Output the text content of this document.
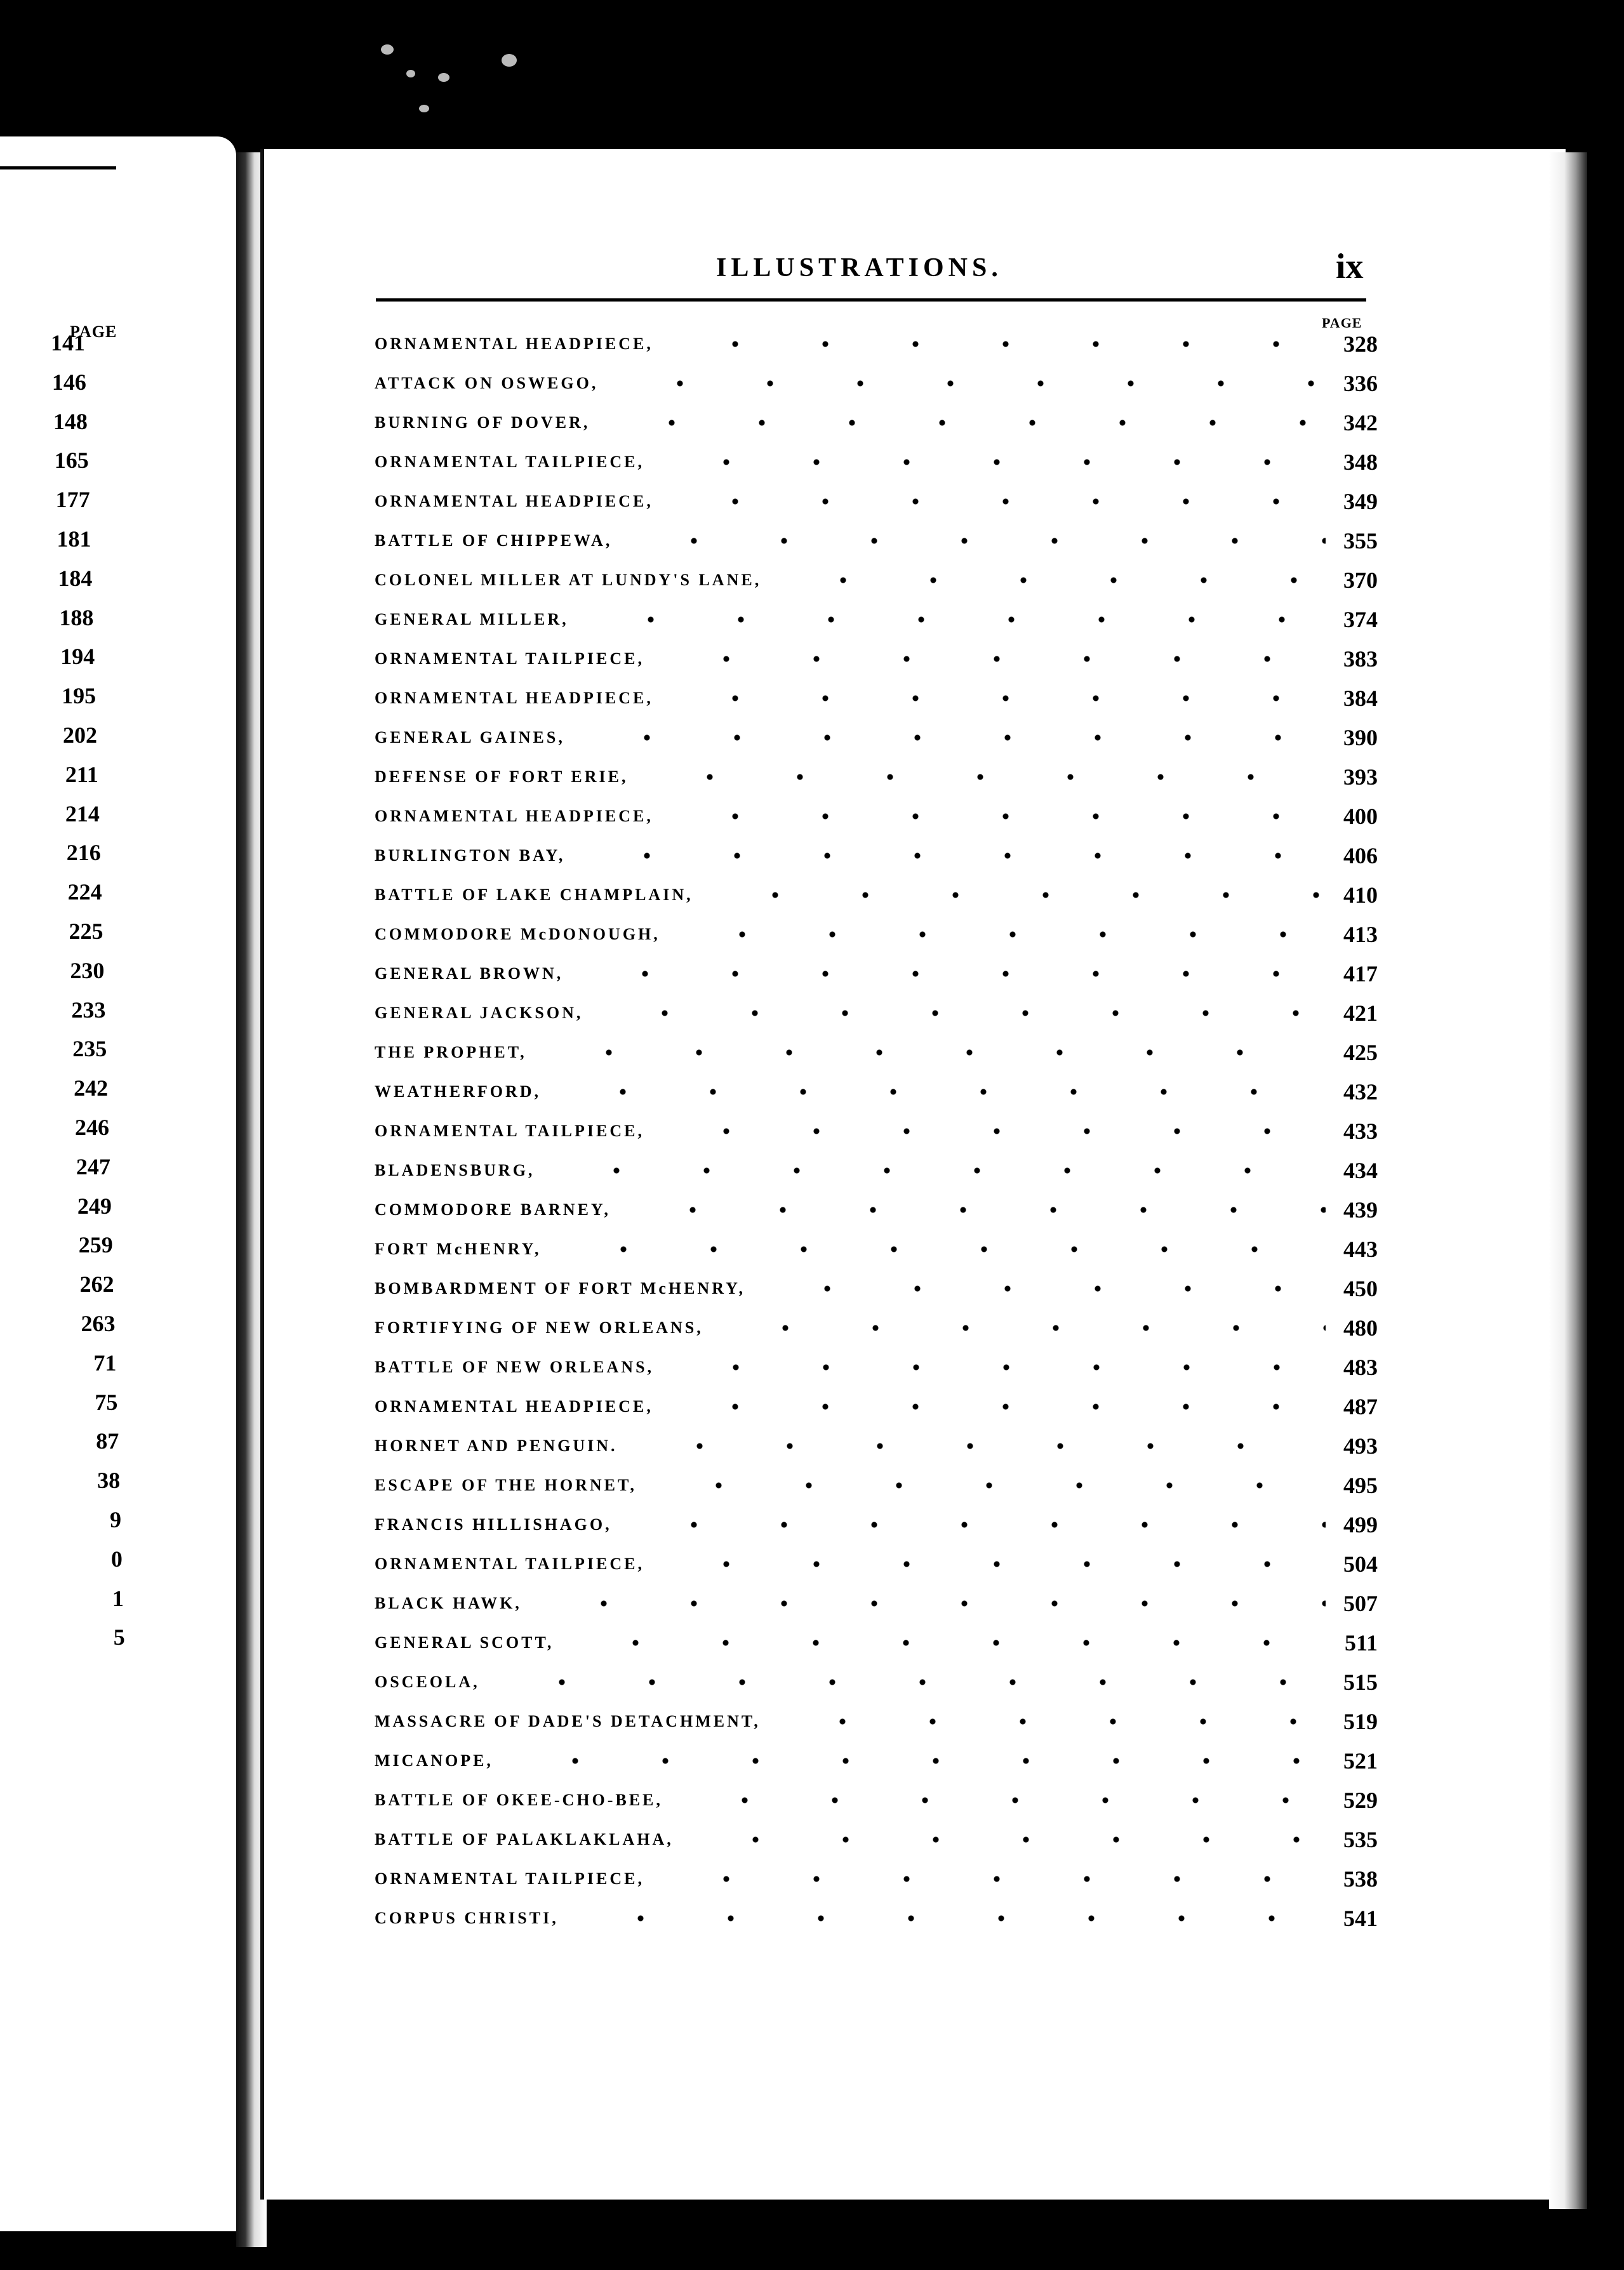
PAGE
141
146
148
165
177
181
184
188
194
195
202
211
214
216
224
225
230
233
235
242
246
247
249
259
262
263
71
75
87
38
9
0
1
5
ILLUSTRATIONS.	ix
PAGE
ORNAMENTAL HEADPIECE,	328
ATTACK ON OSWEGO,	336
BURNING OF DOVER,	342
ORNAMENTAL TAILPIECE,	348
ORNAMENTAL HEADPIECE,	349
BATTLE OF CHIPPEWA,	355
COLONEL MILLER AT LUNDY'S LANE,	370
GENERAL MILLER,	374
ORNAMENTAL TAILPIECE,	383
ORNAMENTAL HEADPIECE,	384
GENERAL GAINES,	390
DEFENSE OF FORT ERIE,	393
ORNAMENTAL HEADPIECE,	400
BURLINGTON BAY,	406
BATTLE OF LAKE CHAMPLAIN,	410
COMMODORE McDONOUGH,	413
GENERAL BROWN,	417
GENERAL JACKSON,	421
THE PROPHET,	425
WEATHERFORD,	432
ORNAMENTAL TAILPIECE,	433
BLADENSBURG,	434
COMMODORE BARNEY,	439
FORT McHENRY,	443
BOMBARDMENT OF FORT McHENRY,	450
FORTIFYING OF NEW ORLEANS,	480
BATTLE OF NEW ORLEANS,	483
ORNAMENTAL HEADPIECE,	487
HORNET AND PENGUIN.	493
ESCAPE OF THE HORNET,	495
FRANCIS HILLISHAGO,	499
ORNAMENTAL TAILPIECE,	504
BLACK HAWK,	507
GENERAL SCOTT,	511
OSCEOLA,	515
MASSACRE OF DADE'S DETACHMENT,	519
MICANOPE,	521
BATTLE OF OKEE-CHO-BEE,	529
BATTLE OF PALAKLAKLAHA,	535
ORNAMENTAL TAILPIECE,	538
CORPUS CHRISTI,	541
